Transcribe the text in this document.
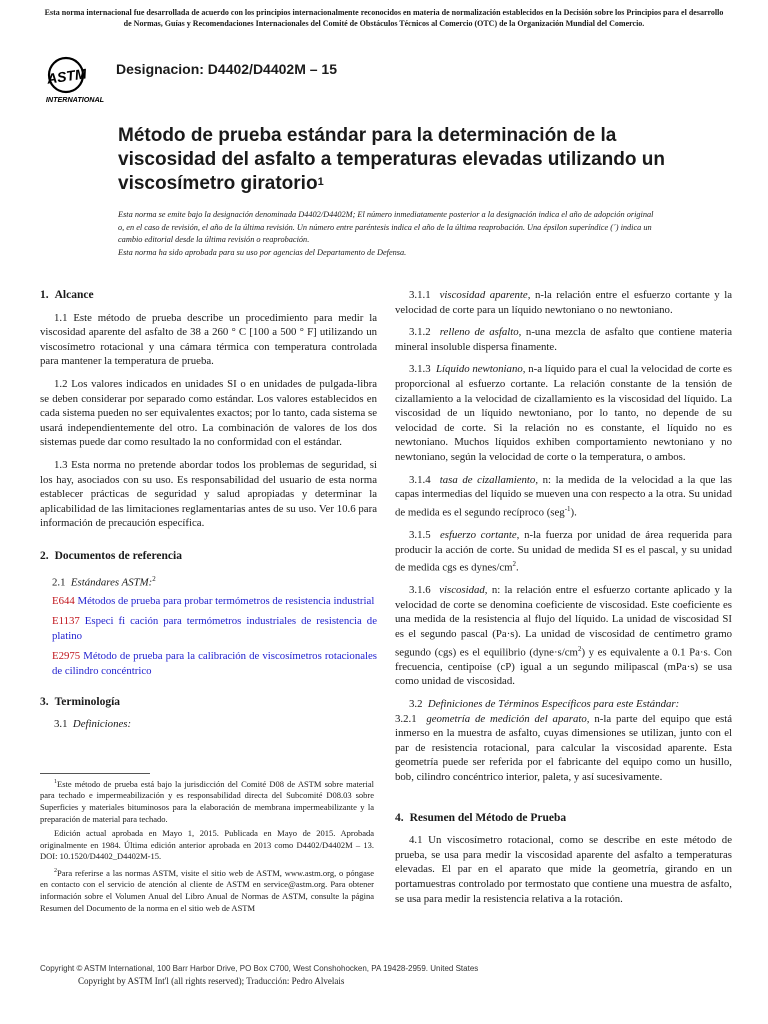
Esta norma internacional fue desarrollada de acuerdo con los principios internacionalmente reconocidos en materia de normalización establecidos en la Decisión sobre los Principios para el desarrollo de Normas, Guías y Recomendaciones Internacionales del Comité de Obstáculos Técnicos al Comercio (OTC) de la Organización Mundial del Comercio.
ASTM
INTERNATIONAL
Designacion: D4402/D4402M – 15
Método de prueba estándar para la determinación de la viscosidad del asfalto a temperaturas elevadas utilizando un viscosímetro giratorio$^1$
Esta norma se emite bajo la designación denominada D4402/D4402M; El número inmediatamente posterior a la designación indica el año de adopción original o, en el caso de revisión, el año de la última revisión. Un número entre paréntesis indica el año de la última reaprobación. Una épsilon superíndice (´) indica un cambio editorial desde la última revisión o reaprobación.
Esta norma ha sido aprobada para su uso por agencias del Departamento de Defensa.
1. Alcance

1.1 Este método de prueba describe un procedimiento para medir la viscosidad aparente del asfalto de 38 a 260 ° C [100 a 500 ° F] utilizando un viscosímetro rotacional y una cámara térmica con temperatura controlada para mantener la temperatura de prueba.

1.2 Los valores indicados en unidades SI o en unidades de pulgada-libra se deben considerar por separado como estándar. Los valores establecidos en cada sistema pueden no ser equivalentes exactos; por lo tanto, cada sistema se usará independientemente del otro. La combinación de valores de los dos sistemas puede dar como resultado la no conformidad con el estándar.

1.3 Esta norma no pretende abordar todos los problemas de seguridad, si los hay, asociados con su uso. Es responsabilidad del usuario de esta norma establecer prácticas de seguridad y salud apropiadas y determinar la aplicabilidad de las limitaciones reglamentarias antes de su uso. Ver 10.6 para información de precaución específica.

2. Documentos de referencia

2.1 Estándares ASTM:$^2$

E644 Métodos de prueba para probar termómetros de resistencia industrial

E1137 Especi fi cación para termómetros industriales de resistencia de platino

E2975 Método de prueba para la calibración de viscosímetros rotacionales de cilindro concéntrico

3. Terminología

3.1 Definiciones:

$^1$Este método de prueba está bajo la jurisdicción del Comité D08 de ASTM sobre material para techado e impermeabilización y es responsabilidad directa del Subcomité D08.03 sobre Superficies y materiales bituminosos para la elaboración de membrana impermeabilizante y la preparación de material para techado.

Edición actual aprobada en Mayo 1, 2015. Publicada en Mayo de 2015. Aprobada originalmente en 1984. Última edición anterior aprobada en 2013 como D4402/D4402M – 13. DOI: 10.1520/D4402_D4402M-15.

$^2$Para referirse a las normas ASTM, visite el sitio web de ASTM, www.astm.org, o póngase en contacto con el servicio de atención al cliente de ASTM en service@astm.org. Para obtener información sobre el Volumen Anual del Libro Anual de Normas de ASTM, consulte la página Resumen del Documento de la norma en el sitio web de ASTM

3.1.1 viscosidad aparente, n-la relación entre el esfuerzo cortante y la velocidad de corte para un líquido newtoniano o no newtoniano.

3.1.2 relleno de asfalto, n-una mezcla de asfalto que contiene materia mineral insoluble dispersa finamente.

3.1.3 Líquido newtoniano, n-a líquido para el cual la velocidad de corte es proporcional al esfuerzo cortante. La relación constante de la tensión de cizallamiento a la velocidad de cizallamiento es la viscosidad del líquido. La viscosidad de un líquido newtoniano, por lo tanto, no depende de su velocidad de corte. Si la relación no es constante, el líquido no es newtoniano. Muchos líquidos exhiben comportamiento newtoniano y no newtoniano, según la velocidad de corte o la temperatura, o ambos.

3.1.4 tasa de cizallamiento, n: la medida de la velocidad a la que las capas intermedias del líquido se mueven una con respecto a la otra. Su unidad de medida es el segundo recíproco (seg$^{-1}$).

3.1.5 esfuerzo cortante, n-la fuerza por unidad de área requerida para producir la acción de corte. Su unidad de medida SI es el pascal, y su unidad de medida cgs es dynes/$cm^2$.

3.1.6 viscosidad, n: la relación entre el esfuerzo cortante aplicado y la velocidad de corte se denomina coeficiente de viscosidad. Este coeficiente es una medida de la resistencia al flujo del líquido. La unidad de viscosidad SI es el segundo pascal (Pa·s). La unidad de viscosidad de centímetro gramo segundo (cgs) es el equilibrio $(dyne\cdot s/cm^2)$ y es equivalente a 0.1 Pa·s. Con frecuencia, centipoise (cP) igual a un segundo milipascal (mPa·s) se usa como unidad de viscosidad.

3.2 Definiciones de Términos Específicos para este Estándar:

3.2.1 geometría de medición del aparato, n-la parte del equipo que está inmerso en la muestra de asfalto, cuyas dimensiones se utilizan, junto con el par de resistencia rotacional, para calcular la viscosidad aparente. Esta geometría puede ser referida por el fabricante del equipo como un husillo, bob, cilindro concéntrico interior, paleta, y así sucesivamente.

4. Resumen del Método de Prueba

4.1 Un viscosímetro rotacional, como se describe en este método de prueba, se usa para medir la viscosidad aparente del asfalto a temperaturas elevadas. El par en el aparato que mide la geometría, girando en un portamuestras controlado por termostato que contiene una muestra de asfalto, se usa para medir la resistencia relativa a la rotación.

Copyright © ASTM International, 100 Barr Harbor Drive, PO Box C700, West Conshohocken, PA 19428-2959. United States
Copyright by ASTM Int'l (all rights reserved); Traducción: Pedro Alvelais
